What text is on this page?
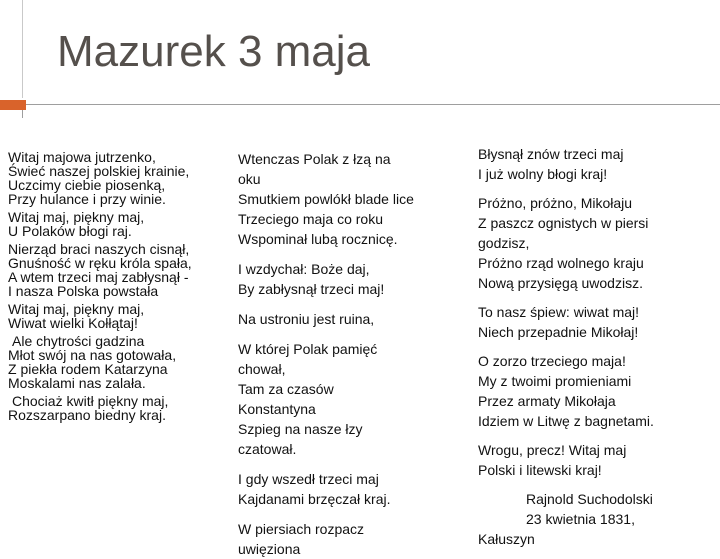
Mazurek 3 maja
Witaj majowa jutrzenko,
Świeć naszej polskiej krainie,
Uczcimy ciebie piosenką,
Przy hulance i przy winie.
Witaj maj, piękny maj,
U Polaków błogi raj.
Nierząd braci naszych cisnął,
Gnuśność w ręku króla spała,
A wtem trzeci maj zabłysnął -
I nasza Polska powstała
Witaj maj, piękny maj,
Wiwat wielki Kołłątaj!
Ale chytrości gadzina
Młot swój na nas gotowała,
Z piekła rodem Katarzyna
Moskalami nas zalała.
Chociaż kwitł piękny maj,
Rozszarpano biedny kraj.
Wtenczas Polak z łzą na
oku
Smutkiem powlókł blade lice
Trzeciego maja co roku
Wspominał lubą rocznicę.
I wzdychał: Boże daj,
By zabłysnął trzeci maj!
Na ustroniu jest ruina,
W której Polak pamięć
chował,
Tam za czasów
Konstantyna
Szpieg na nasze łzy
czatował.
I gdy wszedł trzeci maj
Kajdanami brzęczał kraj.
W piersiach rozpacz
uwięziona
Błysnął znów trzeci maj
I już wolny błogi kraj!
Próżno, próżno, Mikołaju
Z paszcz ognistych w piersi
godzisz,
Próżno rząd wolnego kraju
Nową przysięgą uwodzisz.
To nasz śpiew: wiwat maj!
Niech przepadnie Mikołaj!
O zorzo trzeciego maja!
My z twoimi promieniami
Przez armaty Mikołaja
Idziem w Litwę z bagnetami.
Wrogu, precz! Witaj maj
Polski i litewski kraj!
Rajnold Suchodolski
23 kwietnia 1831,
Kałuszyn
